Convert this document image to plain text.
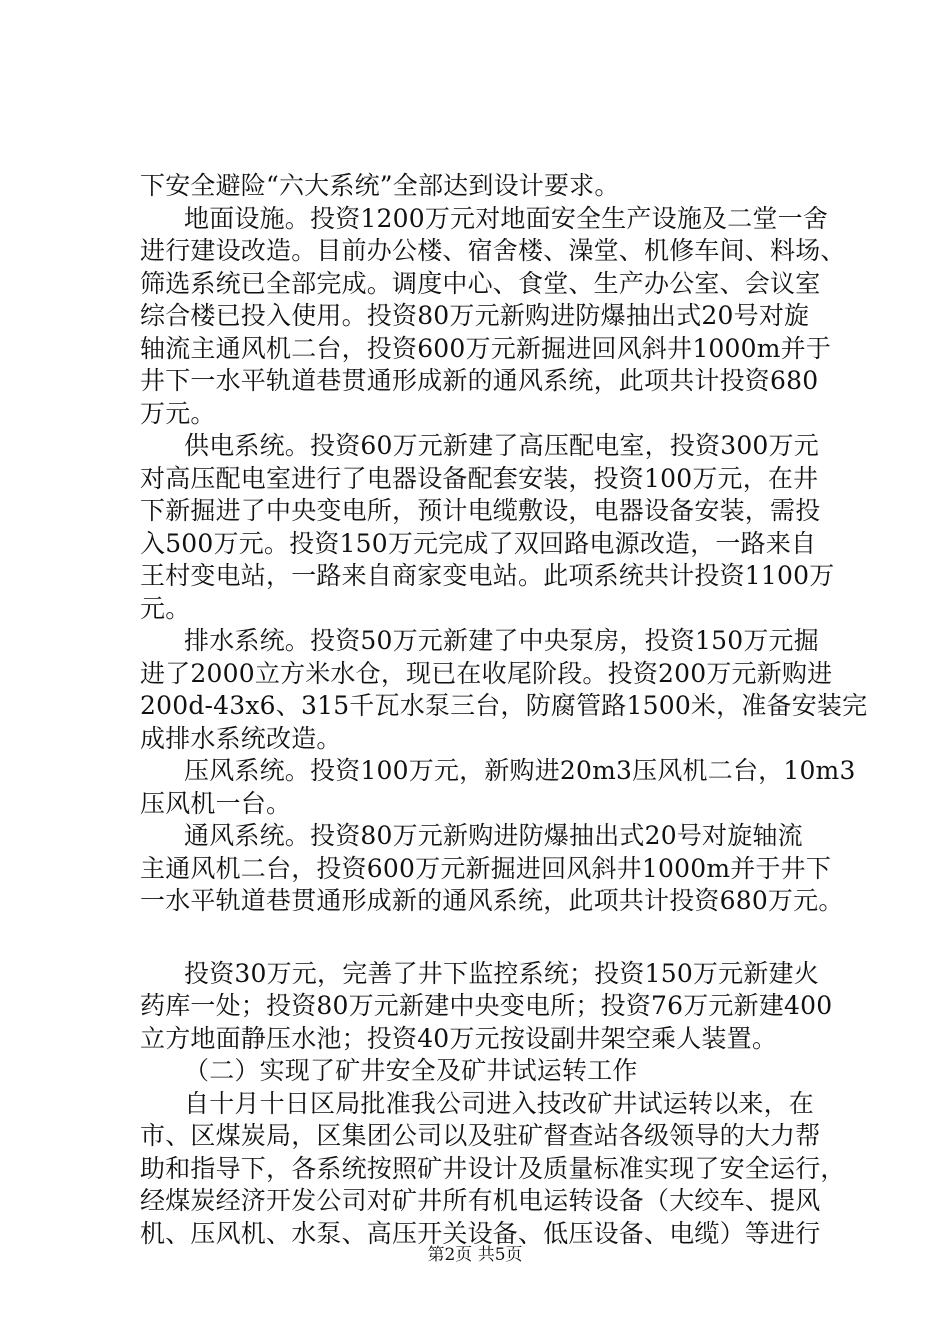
下安全避险“六大系统”全部达到设计要求。
地面设施。投资1200万元对地面安全生产设施及二堂一舍
进行建设改造。目前办公楼、宿舍楼、澡堂、机修车间、料场、
筛选系统已全部完成。调度中心、食堂、生产办公室、会议室
综合楼已投入使用。投资80万元新购进防爆抽出式20号对旋
轴流主通风机二台，投资600万元新掘进回风斜井1000m并于
井下一水平轨道巷贯通形成新的通风系统，此项共计投资680
万元。
供电系统。投资60万元新建了高压配电室，投资300万元
对高压配电室进行了电器设备配套安装，投资100万元，在井
下新掘进了中央变电所，预计电缆敷设，电器设备安装，需投
入500万元。投资150万元完成了双回路电源改造，一路来自
王村变电站，一路来自商家变电站。此项系统共计投资1100万
元。
排水系统。投资50万元新建了中央泵房，投资150万元掘
进了2000立方米水仓，现已在收尾阶段。投资200万元新购进
200d-43x6、315千瓦水泵三台，防腐管路1500米，准备安装完
成排水系统改造。
压风系统。投资100万元，新购进20m3压风机二台，10m3
压风机一台。
通风系统。投资80万元新购进防爆抽出式20号对旋轴流
主通风机二台，投资600万元新掘进回风斜井1000m并于井下
一水平轨道巷贯通形成新的通风系统，此项共计投资680万元。
投资30万元，完善了井下监控系统；投资150万元新建火
药库一处；投资80万元新建中央变电所；投资76万元新建400
立方地面静压水池；投资40万元按设副井架空乘人装置。
（二）实现了矿井安全及矿井试运转工作
自十月十日区局批准我公司进入技改矿井试运转以来，在
市、区煤炭局，区集团公司以及驻矿督查站各级领导的大力帮
助和指导下，各系统按照矿井设计及质量标准实现了安全运行，
经煤炭经济开发公司对矿井所有机电运转设备（大绞车、提风
机、压风机、水泵、高压开关设备、低压设备、电缆）等进行
第2页 共5页
